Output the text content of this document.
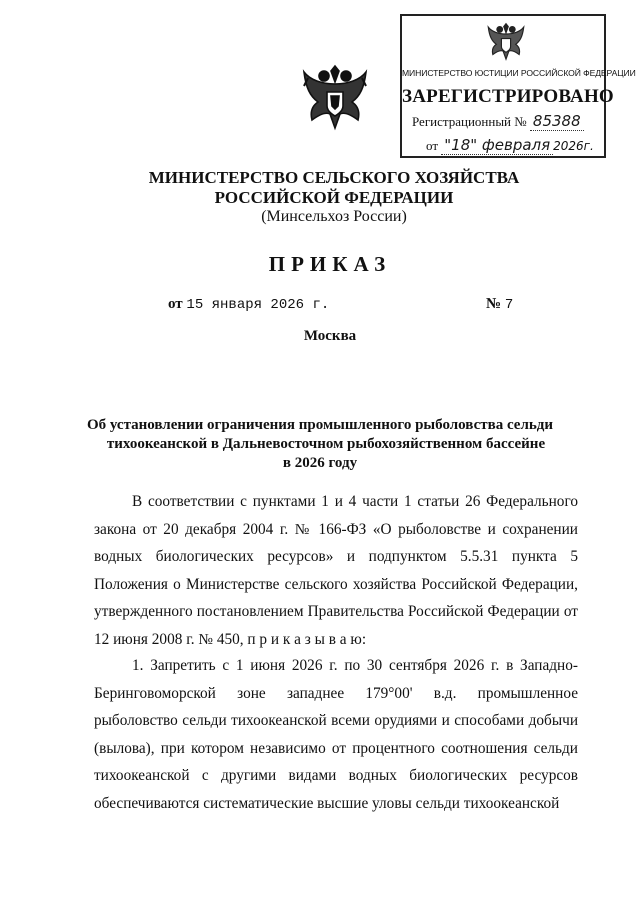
МИНИСТЕРСТВО ЮСТИЦИИ РОССИЙСКОЙ ФЕДЕРАЦИИ
ЗАРЕГИСТРИРОВАНО
Регистрационный № 85388
от "18" февраля 2026г.
МИНИСТЕРСТВО СЕЛЬСКОГО ХОЗЯЙСТВА
РОССИЙСКОЙ ФЕДЕРАЦИИ
(Минсельхоз России)
ПРИКАЗ
от 15 января 2026 г.	№ 7
Москва
Об установлении ограничения промышленного рыболовства сельди
тихоокеанской в Дальневосточном рыбохозяйственном бассейне
в 2026 году

В соответствии с пунктами 1 и 4 части 1 статьи 26 Федерального закона от 20 декабря 2004 г. № 166-ФЗ «О рыболовстве и сохранении водных биологических ресурсов» и подпунктом 5.5.31 пункта 5 Положения о Министерстве сельского хозяйства Российской Федерации, утвержденного постановлением Правительства Российской Федерации от 12 июня 2008 г. № 450, п р и к а з ы в а ю:

1. Запретить с 1 июня 2026 г. по 30 сентября 2026 г. в Западно-Беринговоморской зоне западнее 179°00' в.д. промышленное рыболовство сельди тихоокеанской всеми орудиями и способами добычи (вылова), при котором независимо от процентного соотношения сельди тихоокеанской с другими видами водных биологических ресурсов обеспечиваются систематические высшие уловы сельди тихоокеанской
